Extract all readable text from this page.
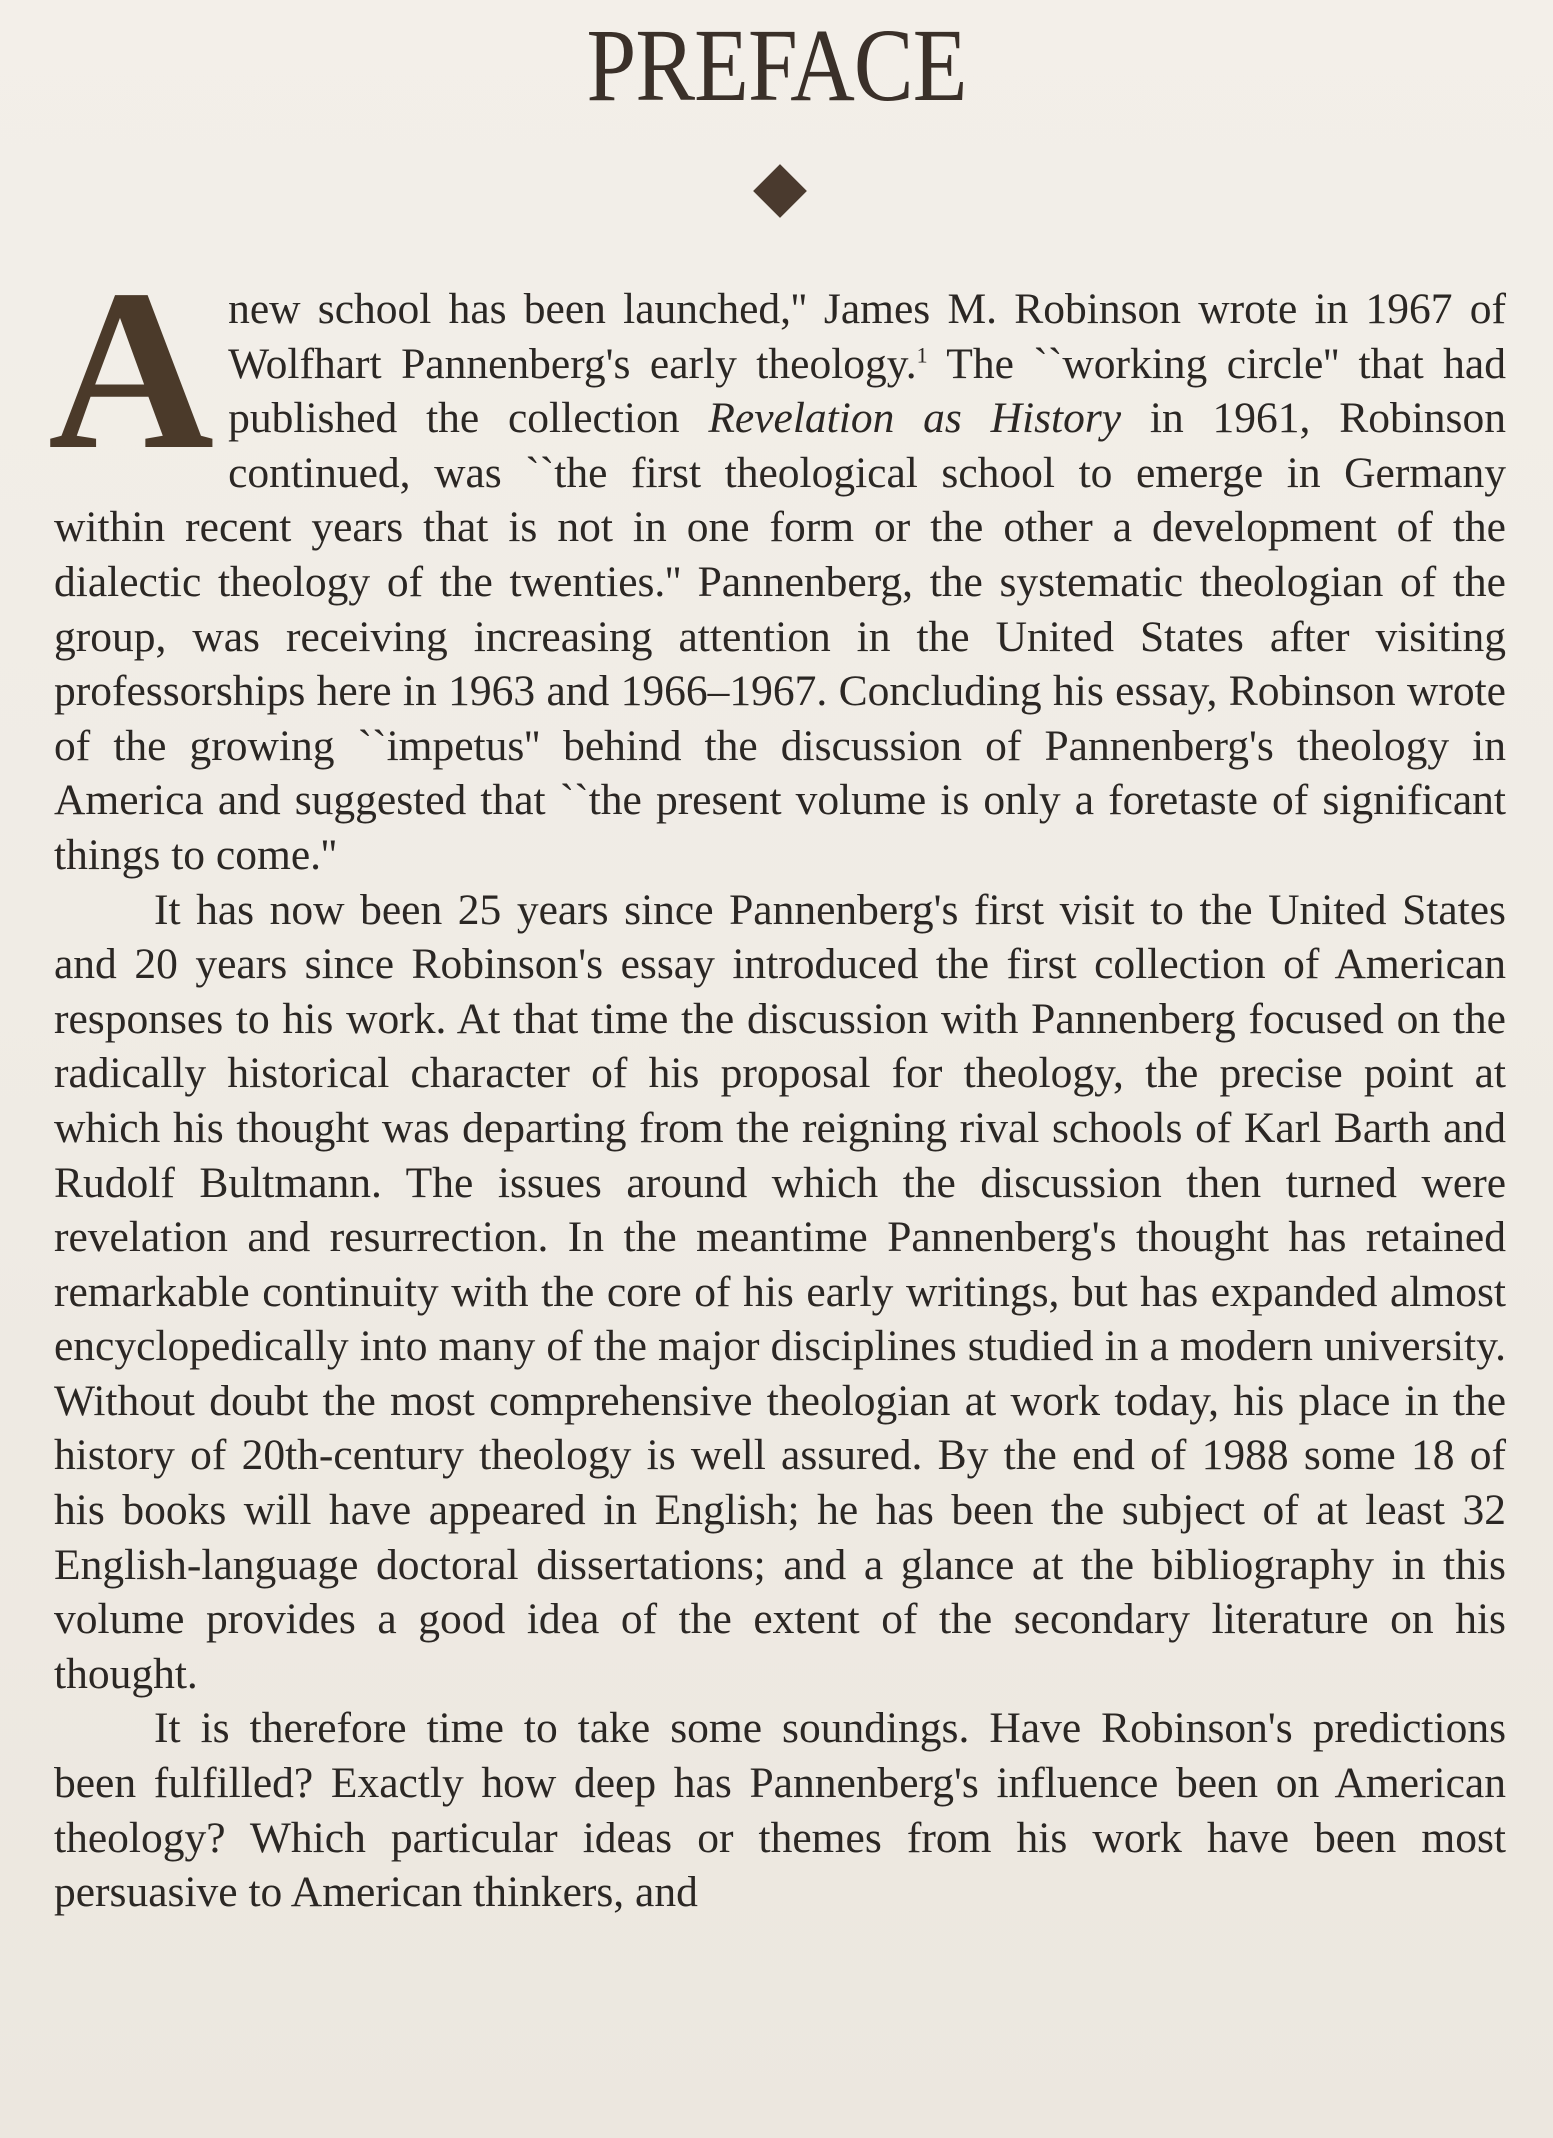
PREFACE

A new school has been launched,'' James M. Robinson wrote in 1967 of Wolfhart Pannenberg's early theology.$^1$ The ``working circle'' that had published the collection Revelation as History in 1961, Robinson continued, was ``the first theological school to emerge in Germany within recent years that is not in one form or the other a development of the dialectic theology of the twenties.'' Pannenberg, the systematic theologian of the group, was receiving increasing attention in the United States after visiting professorships here in 1963 and 1966–1967. Concluding his essay, Robinson wrote of the growing ``impetus'' behind the discussion of Pannenberg's theology in America and suggested that ``the present volume is only a foretaste of significant things to come.''

It has now been 25 years since Pannenberg's first visit to the United States and 20 years since Robinson's essay introduced the first collection of American responses to his work. At that time the discussion with Pannenberg focused on the radically historical character of his proposal for theology, the precise point at which his thought was departing from the reigning rival schools of Karl Barth and Rudolf Bultmann. The issues around which the discussion then turned were revelation and resurrection. In the meantime Pannenberg's thought has retained remarkable continuity with the core of his early writings, but has expanded almost encyclopedically into many of the major disciplines studied in a modern university. Without doubt the most comprehensive theologian at work today, his place in the history of 20th-century theology is well assured. By the end of 1988 some 18 of his books will have appeared in English; he has been the subject of at least 32 English-language doctoral dissertations; and a glance at the bibliography in this volume provides a good idea of the extent of the secondary literature on his thought.

It is therefore time to take some soundings. Have Robinson's predictions been fulfilled? Exactly how deep has Pannenberg's influence been on American theology? Which particular ideas or themes from his work have been most persuasive to American thinkers, and
